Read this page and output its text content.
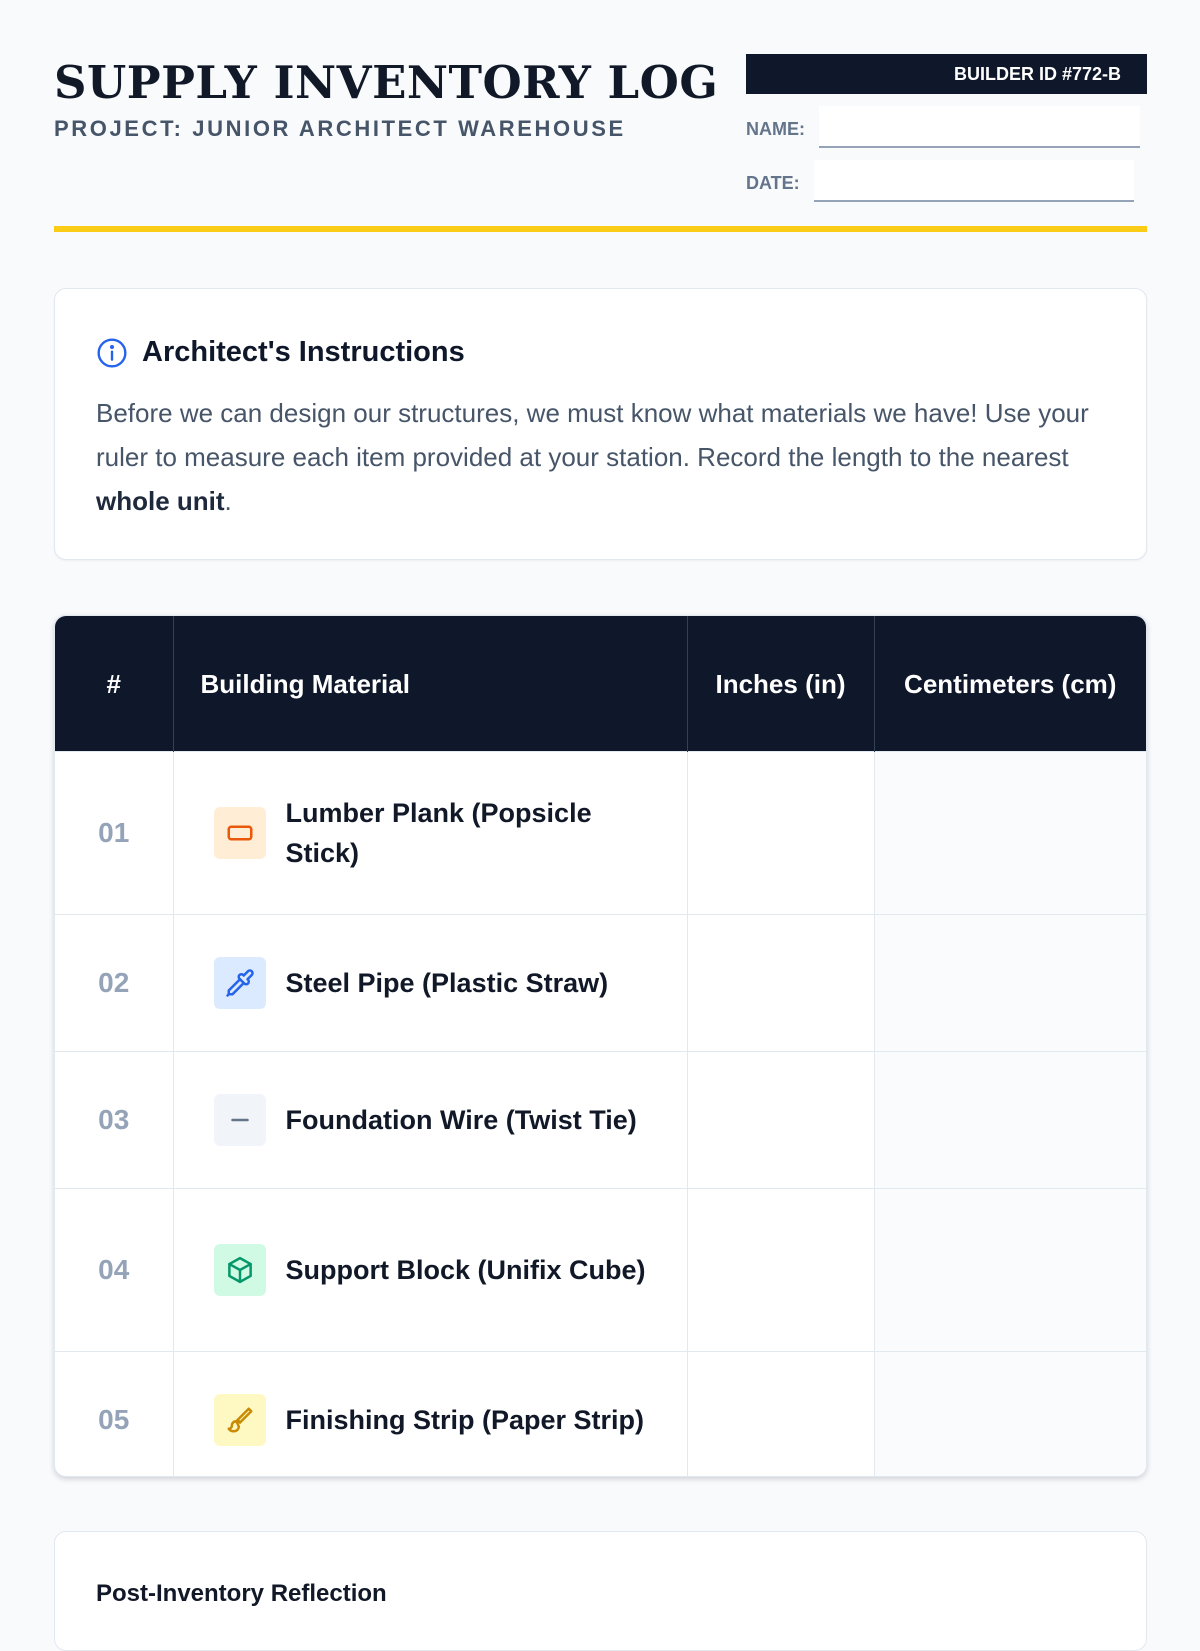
SUPPLY INVENTORY LOG
PROJECT: JUNIOR ARCHITECT WAREHOUSE
BUILDER ID #772-B
NAME:
DATE:
Architect's Instructions

Before we can design our structures, we must know what materials we have! Use your ruler to measure each item provided at your station. Record the length to the nearest whole unit.

#	Building Material	Inches (in)	Centimeters (cm)
01	Lumber Plank (Popsicle Stick)		

02	Steel Pipe (Plastic Straw)		

03	Foundation Wire (Twist Tie)		

04	Support Block (Unifix Cube)		

05	Finishing Strip (Paper Strip)		

Post-Inventory Reflection
